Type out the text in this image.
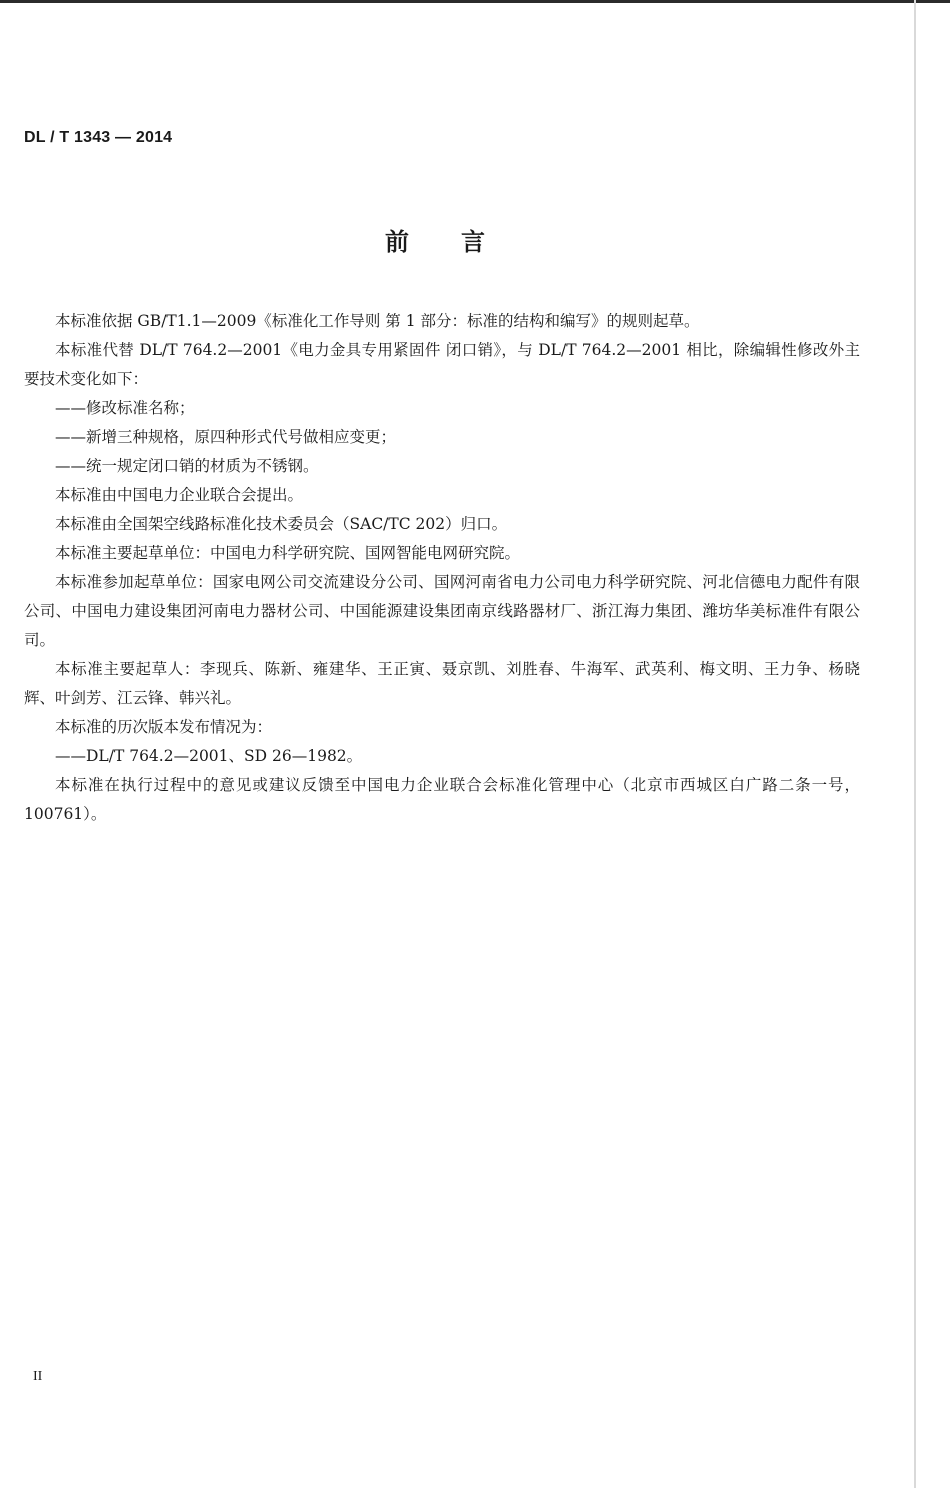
DL / T 1343 — 2014
前言

本标准依据 GB/T1.1—2009《标准化工作导则 第 1 部分：标准的结构和编写》的规则起草。

本标准代替 DL/T 764.2—2001《电力金具专用紧固件 闭口销》，与 DL/T 764.2—2001 相比，除编辑性修改外主要技术变化如下：

——修改标准名称；

——新增三种规格，原四种形式代号做相应变更；

——统一规定闭口销的材质为不锈钢。

本标准由中国电力企业联合会提出。

本标准由全国架空线路标准化技术委员会（SAC/TC 202）归口。

本标准主要起草单位：中国电力科学研究院、国网智能电网研究院。

本标准参加起草单位：国家电网公司交流建设分公司、国网河南省电力公司电力科学研究院、河北信德电力配件有限公司、中国电力建设集团河南电力器材公司、中国能源建设集团南京线路器材厂、浙江海力集团、潍坊华美标准件有限公司。

本标准主要起草人：李现兵、陈新、雍建华、王正寅、聂京凯、刘胜春、牛海军、武英利、梅文明、王力争、杨晓辉、叶剑芳、江云锋、韩兴礼。

本标准的历次版本发布情况为：

——DL/T 764.2—2001、SD 26—1982。

本标准在执行过程中的意见或建议反馈至中国电力企业联合会标准化管理中心（北京市西城区白广路二条一号，100761）。

II
